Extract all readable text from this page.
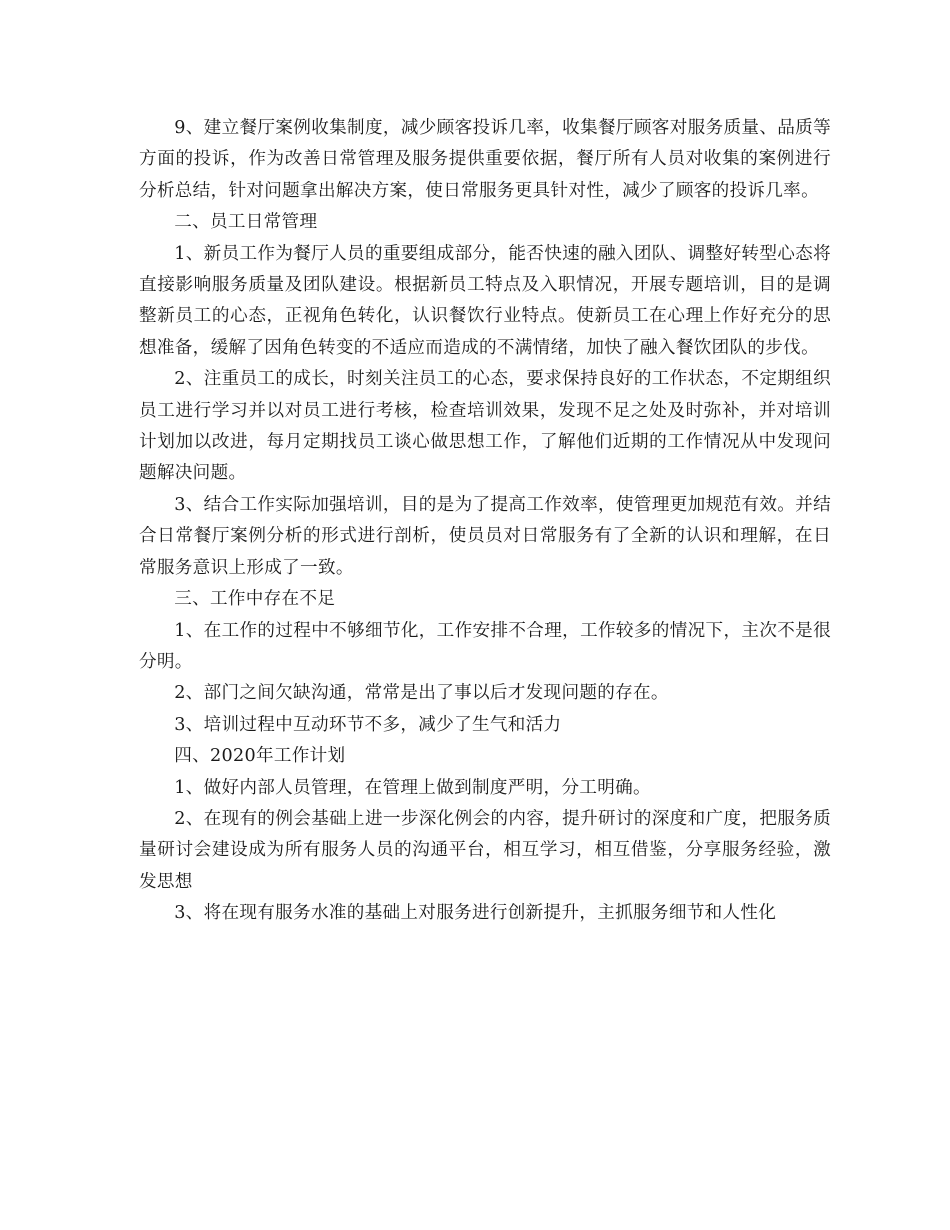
9、建立餐厅案例收集制度，减少顾客投诉几率，收集餐厅顾客对服务质量、品质等方面的投诉，作为改善日常管理及服务提供重要依据，餐厅所有人员对收集的案例进行分析总结，针对问题拿出解决方案，使日常服务更具针对性，减少了顾客的投诉几率。

二、员工日常管理

1、新员工作为餐厅人员的重要组成部分，能否快速的融入团队、调整好转型心态将直接影响服务质量及团队建设。根据新员工特点及入职情况，开展专题培训，目的是调整新员工的心态，正视角色转化，认识餐饮行业特点。使新员工在心理上作好充分的思想准备，缓解了因角色转变的不适应而造成的不满情绪，加快了融入餐饮团队的步伐。

2、注重员工的成长，时刻关注员工的心态，要求保持良好的工作状态，不定期组织员工进行学习并以对员工进行考核，检查培训效果，发现不足之处及时弥补，并对培训计划加以改进，每月定期找员工谈心做思想工作，了解他们近期的工作情况从中发现问题解决问题。

3、结合工作实际加强培训，目的是为了提高工作效率，使管理更加规范有效。并结合日常餐厅案例分析的形式进行剖析，使员员对日常服务有了全新的认识和理解，在日常服务意识上形成了一致。

三、工作中存在不足

1、在工作的过程中不够细节化，工作安排不合理，工作较多的情况下，主次不是很分明。

2、部门之间欠缺沟通，常常是出了事以后才发现问题的存在。

3、培训过程中互动环节不多，减少了生气和活力

四、2020年工作计划

1、做好内部人员管理，在管理上做到制度严明，分工明确。

2、在现有的例会基础上进一步深化例会的内容，提升研讨的深度和广度，把服务质量研讨会建设成为所有服务人员的沟通平台，相互学习，相互借鉴，分享服务经验，激发思想

3、将在现有服务水准的基础上对服务进行创新提升，主抓服务细节和人性化
